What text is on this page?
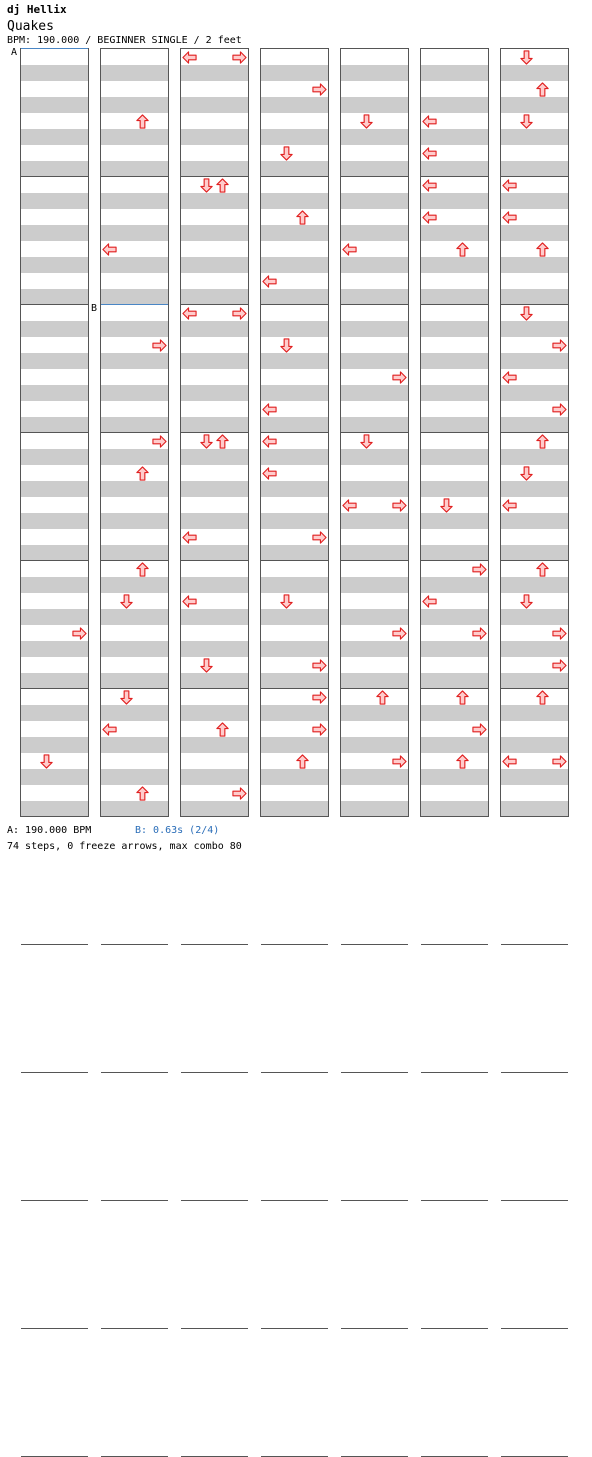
dj Hellix
Quakes
BPM: 190.000 / BEGINNER SINGLE / 2 feet
A
B
A: 190.000 BPM	B: 0.63s (2/4)
74 steps, 0 freeze arrows, max combo 80
